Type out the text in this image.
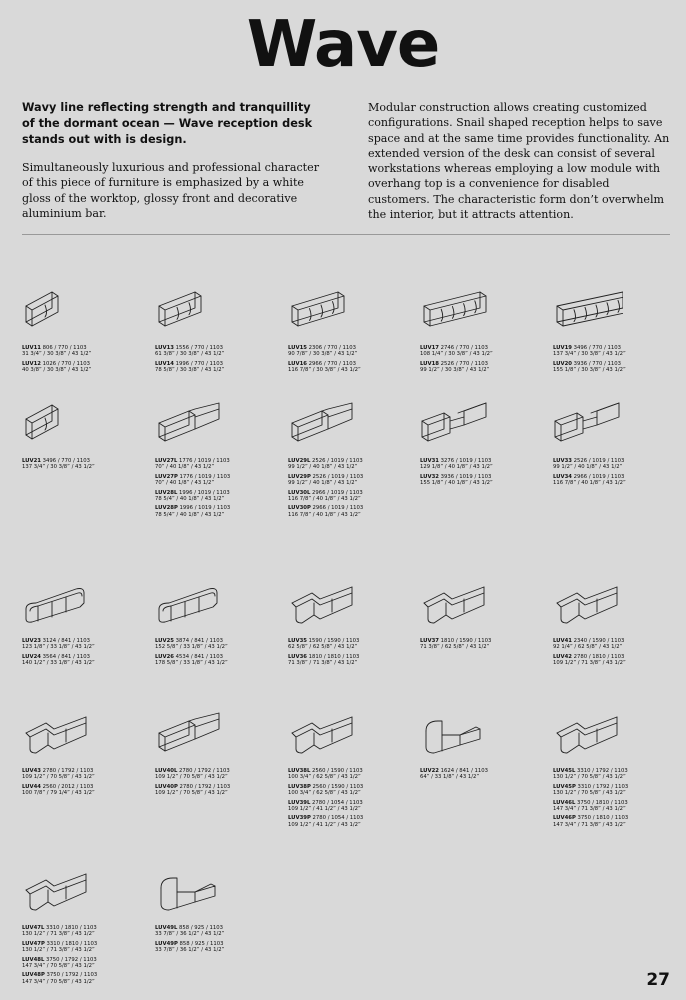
Wave

Wavy line reflecting strength and tranquillity of the dormant ocean — Wave reception desk stands out with is design.

Simultaneously luxurious and professional character of this piece of furniture is emphasized by a white gloss of the worktop, glossy front and decorative aluminium bar.

Modular construction allows creating customized configurations. Snail shaped reception helps to save space and at the same time provides functionality. An extended version of the desk can consist of several workstations whereas employing a low module with overhang top is a convenience for disabled customers. The characteristic form don’t overwhelm the interior, but it attracts attention.

LUV11 806 / 770 / 1103
31 3/4” / 30 3/8” / 43 1/2”
LUV12 1026 / 770 / 1103
40 3/8” / 30 3/8” / 43 1/2”
LUV13 1556 / 770 / 1103
61 3/8” / 30 3/8” / 43 1/2”
LUV14 1996 / 770 / 1103
78 5/8” / 30 3/8” / 43 1/2”
LUV15 2306 / 770 / 1103
90 7/8” / 30 3/8” / 43 1/2”
LUV16 2966 / 770 / 1103
116 7/8” / 30 3/8” / 43 1/2”
LUV17 2746 / 770 / 1103
108 1/4” / 30 3/8” / 43 1/2”
LUV18 2526 / 770 / 1103
99 1/2” / 30 3/8” / 43 1/2”
LUV19 3496 / 770 / 1103
137 3/4” / 30 3/8” / 43 1/2”
LUV20 3936 / 770 / 1103
155 1/8” / 30 3/8” / 43 1/2”
LUV21 3496 / 770 / 1103
137 3/4” / 30 3/8” / 43 1/2”
LUV27L 1776 / 1019 / 1103
70” / 40 1/8” / 43 1/2”
LUV27P 1776 / 1019 / 1103
70” / 40 1/8” / 43 1/2”
LUV28L 1996 / 1019 / 1103
78 5/4” / 40 1/8” / 43 1/2”
LUV28P 1996 / 1019 / 1103
78 5/4” / 40 1/8” / 43 1/2”
LUV29L 2526 / 1019 / 1103
99 1/2” / 40 1/8” / 43 1/2”
LUV29P 2526 / 1019 / 1103
99 1/2” / 40 1/8” / 43 1/2”
LUV30L 2966 / 1019 / 1103
116 7/8” / 40 1/8” / 43 1/2”
LUV30P 2966 / 1019 / 1103
116 7/8” / 40 1/8” / 43 1/2”
LUV31 3276 / 1019 / 1103
129 1/8” / 40 1/8” / 43 1/2”
LUV32 3936 / 1019 / 1103
155 1/8” / 40 1/8” / 43 1/2”
LUV33 2526 / 1019 / 1103
99 1/2” / 40 1/8” / 43 1/2”
LUV34 2966 / 1019 / 1103
116 7/8” / 40 1/8” / 43 1/2”
LUV23 3124 / 841 / 1103
123 1/8” / 33 1/8” / 43 1/2”
LUV24 3564 / 841 / 1103
140 1/2” / 33 1/8” / 43 1/2”
LUV25 3874 / 841 / 1103
152 5/8” / 33 1/8” / 43 1/2”
LUV26 4534 / 841 / 1103
178 5/8” / 33 1/8” / 43 1/2”
LUV35 1590 / 1590 / 1103
62 5/8” / 62 5/8” / 43 1/2”
LUV36 1810 / 1810 / 1103
71 3/8” / 71 3/8” / 43 1/2”
LUV37 1810 / 1590 / 1103
71 3/8” / 62 5/8” / 43 1/2”
LUV41 2340 / 1590 / 1103
92 1/4” / 62 5/8” / 43 1/2”
LUV42 2780 / 1810 / 1103
109 1/2” / 71 3/8” / 43 1/2”
LUV43 2780 / 1792 / 1103
109 1/2” / 70 5/8” / 43 1/2”
LUV44 2560 / 2012 / 1103
100 7/8” / 79 1/4” / 43 1/2”
LUV40L 2780 / 1792 / 1103
109 1/2” / 70 5/8” / 43 1/2”
LUV40P 2780 / 1792 / 1103
109 1/2” / 70 5/8” / 43 1/2”
LUV38L 2560 / 1590 / 1103
100 3/4” / 62 5/8” / 43 1/2”
LUV38P 2560 / 1590 / 1103
100 3/4” / 62 5/8” / 43 1/2”
LUV39L 2780 / 1054 / 1103
109 1/2” / 41 1/2” / 43 1/2”
LUV39P 2780 / 1054 / 1103
109 1/2” / 41 1/2” / 43 1/2”
LUV22 1624 / 841 / 1103
64” / 33 1/8” / 43 1/2”
LUV45L 3310 / 1792 / 1103
130 1/2” / 70 5/8” / 43 1/2”
LUV45P 3310 / 1792 / 1103
130 1/2” / 70 5/8” / 43 1/2”
LUV46L 3750 / 1810 / 1103
147 3/4” / 71 3/8” / 43 1/2”
LUV46P 3750 / 1810 / 1103
147 3/4” / 71 3/8” / 43 1/2”
LUV47L 3310 / 1810 / 1103
130 1/2” / 71 3/8” / 43 1/2”
LUV47P 3310 / 1810 / 1103
130 1/2” / 71 3/8” / 43 1/2”
LUV48L 3750 / 1792 / 1103
147 3/4” / 70 5/8” / 43 1/2”
LUV48P 3750 / 1792 / 1103
147 3/4” / 70 5/8” / 43 1/2”
LUV49L 858 / 925 / 1103
33 7/8” / 36 1/2” / 43 1/2”
LUV49P 858 / 925 / 1103
33 7/8” / 36 1/2” / 43 1/2”
27
